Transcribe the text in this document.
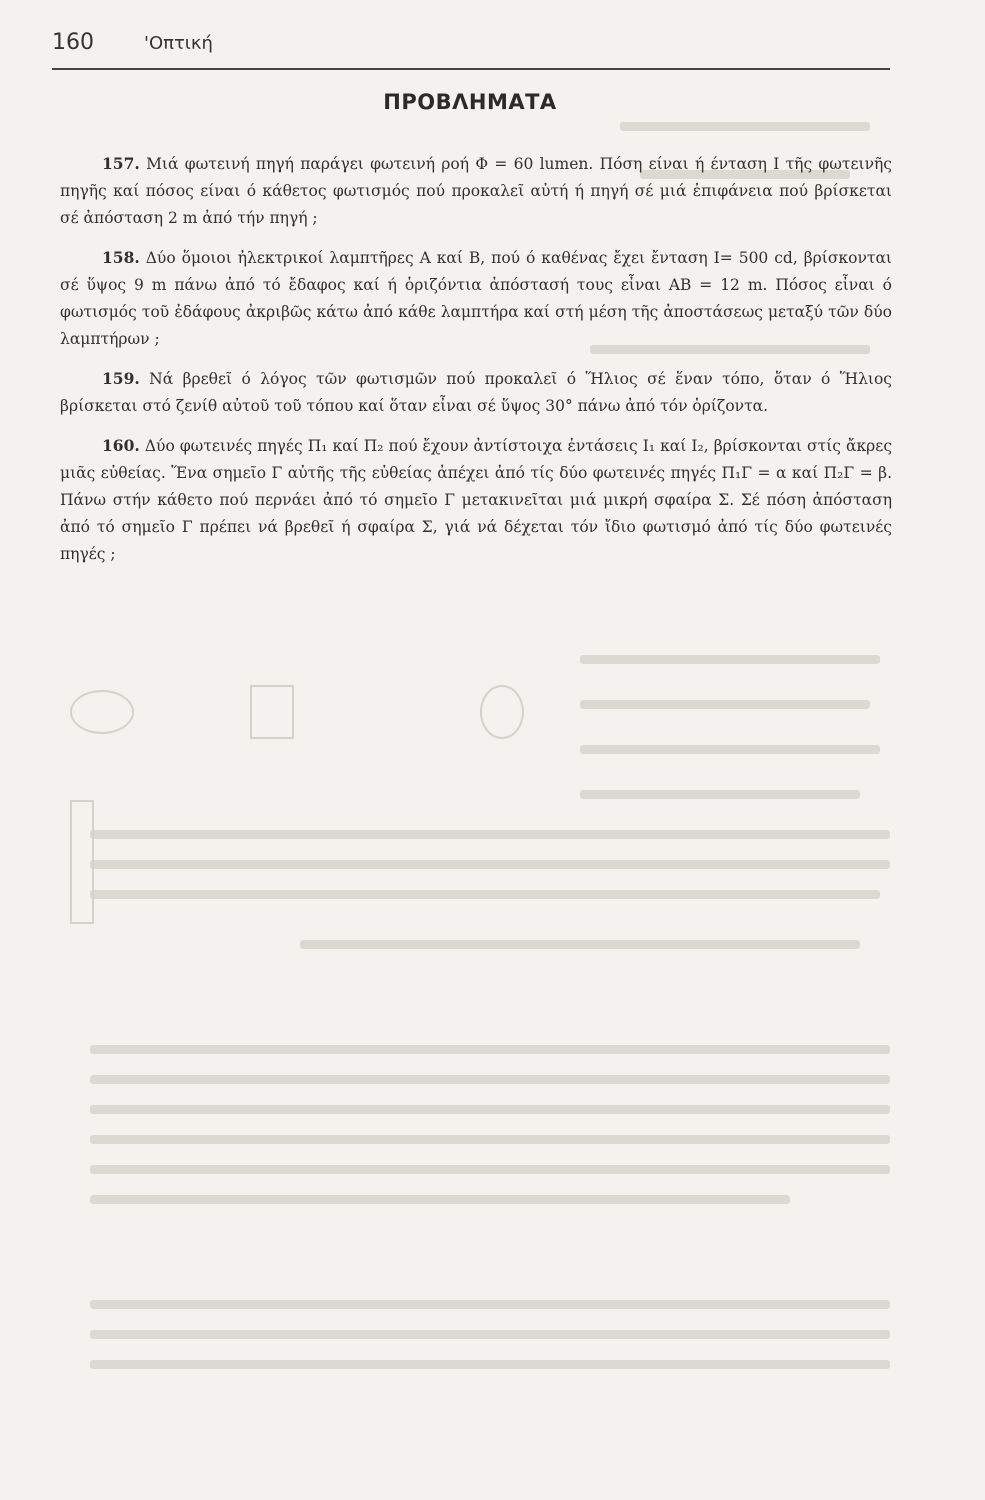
160	'Οπτική
ΠΡΟΒΛΗΜΑΤΑ

157. Μιά φωτεινή πηγή παράγει φωτεινή ροή Φ = 60 lumen. Πόση είναι ή ένταση Ι τῆς φωτεινῆς πηγῆς καί πόσος είναι ό κάθετος φωτισμός πού προκαλεῖ αὐτή ή πηγή σέ μιά ἐπιφάνεια πού βρίσκεται σέ ἀπόσταση 2 m ἀπό τήν πηγή ;

158. Δύο ὅμοιοι ἠλεκτρικοί λαμπτῆρες Α καί Β, πού ό καθένας ἔχει ἔνταση Ι= 500 cd, βρίσκονται σέ ὕψος 9 m πάνω ἀπό τό ἔδαφος καί ή ὁριζόντια ἀπόστασή τους εἶναι ΑΒ = 12 m. Πόσος εἶναι ό φωτισμός τοῦ ἐδάφους ἀκριβῶς κάτω ἀπό κάθε λαμπτήρα καί στή μέση τῆς ἀποστάσεως μεταξύ τῶν δύο λαμπτήρων ;

159. Νά βρεθεῖ ό λόγος τῶν φωτισμῶν πού προκαλεῖ ό Ἥλιος σέ ἕναν τόπο, ὅταν ό Ἥλιος βρίσκεται στό ζενίθ αὐτοῦ τοῦ τόπου καί ὅταν εἶναι σέ ὕψος 30° πάνω ἀπό τόν ὁρίζοντα.

160. Δύο φωτεινές πηγές Π₁ καί Π₂ πού ἔχουν ἀντίστοιχα ἐντάσεις Ι₁ καί Ι₂, βρίσκονται στίς ἄκρες μιᾶς εὐθείας. Ἕνα σημεῖο Γ αὐτῆς τῆς εὐθείας ἀπέχει ἀπό τίς δύο φωτεινές πηγές Π₁Γ = α καί Π₂Γ = β. Πάνω στήν κάθετο πού περνάει ἀπό τό σημεῖο Γ μετακινεῖται μιά μικρή σφαίρα Σ. Σέ πόση ἀπόσταση ἀπό τό σημεῖο Γ πρέπει νά βρεθεῖ ή σφαίρα Σ, γιά νά δέχεται τόν ἴδιο φωτισμό ἀπό τίς δύο φωτεινές πηγές ;
